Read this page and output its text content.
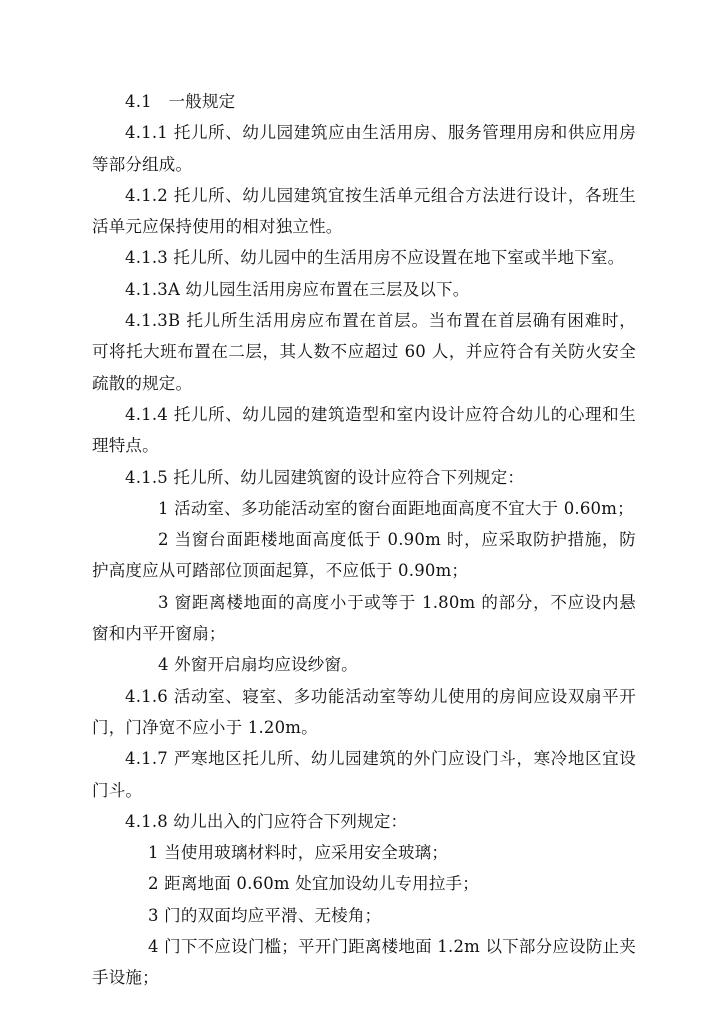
4.1　一般规定

4.1.1 托儿所、幼儿园建筑应由生活用房、服务管理用房和供应用房等部分组成。

4.1.2 托儿所、幼儿园建筑宜按生活单元组合方法进行设计，各班生活单元应保持使用的相对独立性。

4.1.3 托儿所、幼儿园中的生活用房不应设置在地下室或半地下室。

4.1.3A 幼儿园生活用房应布置在三层及以下。

4.1.3B 托儿所生活用房应布置在首层。当布置在首层确有困难时，可将托大班布置在二层，其人数不应超过 60 人，并应符合有关防火安全疏散的规定。

4.1.4 托儿所、幼儿园的建筑造型和室内设计应符合幼儿的心理和生理特点。

4.1.5 托儿所、幼儿园建筑窗的设计应符合下列规定：

1 活动室、多功能活动室的窗台面距地面高度不宜大于 0.60m；

2 当窗台面距楼地面高度低于 0.90m 时，应采取防护措施，防护高度应从可踏部位顶面起算，不应低于 0.90m；

3 窗距离楼地面的高度小于或等于 1.80m 的部分，不应设内悬窗和内平开窗扇；

4 外窗开启扇均应设纱窗。

4.1.6 活动室、寝室、多功能活动室等幼儿使用的房间应设双扇平开门，门净宽不应小于 1.20m。

4.1.7 严寒地区托儿所、幼儿园建筑的外门应设门斗，寒冷地区宜设门斗。

4.1.8 幼儿出入的门应符合下列规定：

1 当使用玻璃材料时，应采用安全玻璃；

2 距离地面 0.60m 处宜加设幼儿专用拉手；

3 门的双面均应平滑、无棱角；

4 门下不应设门槛；平开门距离楼地面 1.2m 以下部分应设防止夹手设施；
